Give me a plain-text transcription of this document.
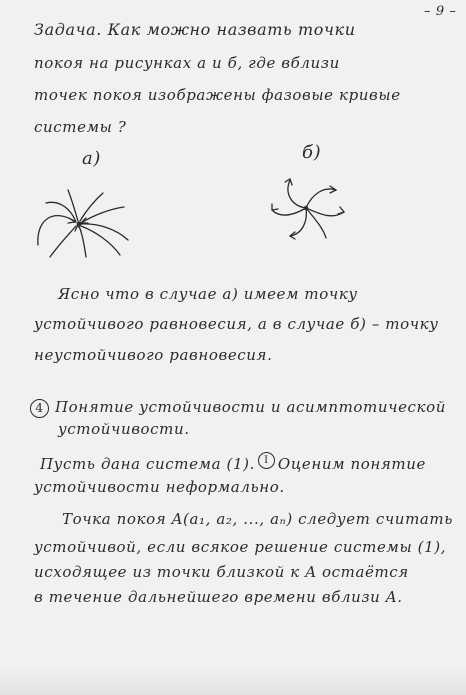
– 9 –
Задача. Как можно назвать точки
покоя на рисунках а и б, где вблизи
точек покоя изображены фазовые кривые
системы ?
а)	б)
Ясно что в случае а) имеем точку
устойчивого равновесия, а в случае б) – точку
неустойчивого равновесия.
4 Понятие устойчивости и асимптотической
устойчивости.
Пусть дана система (1). I Оценим понятие
устойчивости неформально.
Точка покоя A(a₁, a₂, ..., aₙ) следует считать
устойчивой, если всякое решение системы (1),
исходящее из точки близкой к A остаётся
в течение дальнейшего времени вблизи A.
